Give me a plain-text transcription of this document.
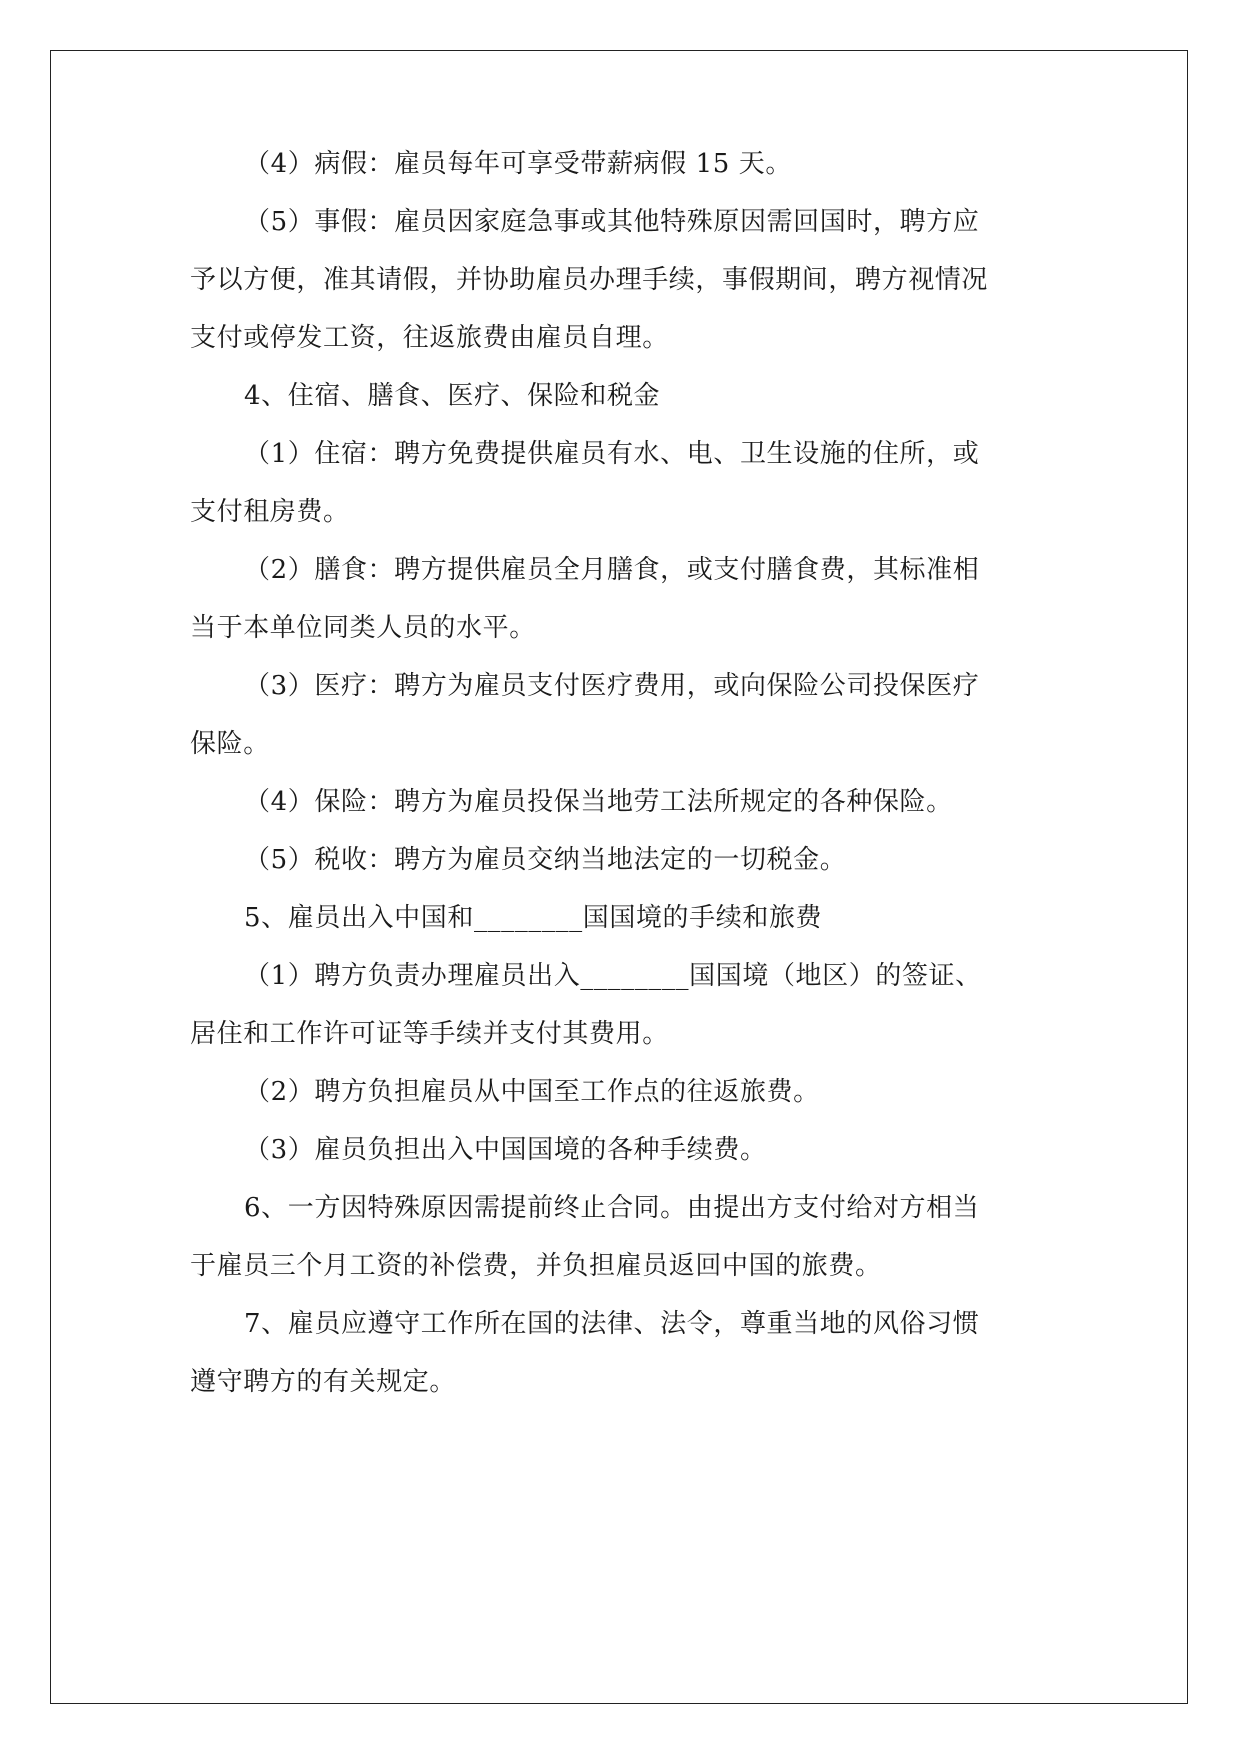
（4）病假：雇员每年可享受带薪病假 15 天。

（5）事假：雇员因家庭急事或其他特殊原因需回国时，聘方应

予以方便，准其请假，并协助雇员办理手续，事假期间，聘方视情况

支付或停发工资，往返旅费由雇员自理。

4、住宿、膳食、医疗、保险和税金

（1）住宿：聘方免费提供雇员有水、电、卫生设施的住所，或

支付租房费。

（2）膳食：聘方提供雇员全月膳食，或支付膳食费，其标准相

当于本单位同类人员的水平。

（3）医疗：聘方为雇员支付医疗费用，或向保险公司投保医疗

保险。

（4）保险：聘方为雇员投保当地劳工法所规定的各种保险。

（5）税收：聘方为雇员交纳当地法定的一切税金。

5、雇员出入中国和________国国境的手续和旅费

（1）聘方负责办理雇员出入________国国境（地区）的签证、

居住和工作许可证等手续并支付其费用。

（2）聘方负担雇员从中国至工作点的往返旅费。

（3）雇员负担出入中国国境的各种手续费。

6、一方因特殊原因需提前终止合同。由提出方支付给对方相当

于雇员三个月工资的补偿费，并负担雇员返回中国的旅费。

7、雇员应遵守工作所在国的法律、法令，尊重当地的风俗习惯

遵守聘方的有关规定。
